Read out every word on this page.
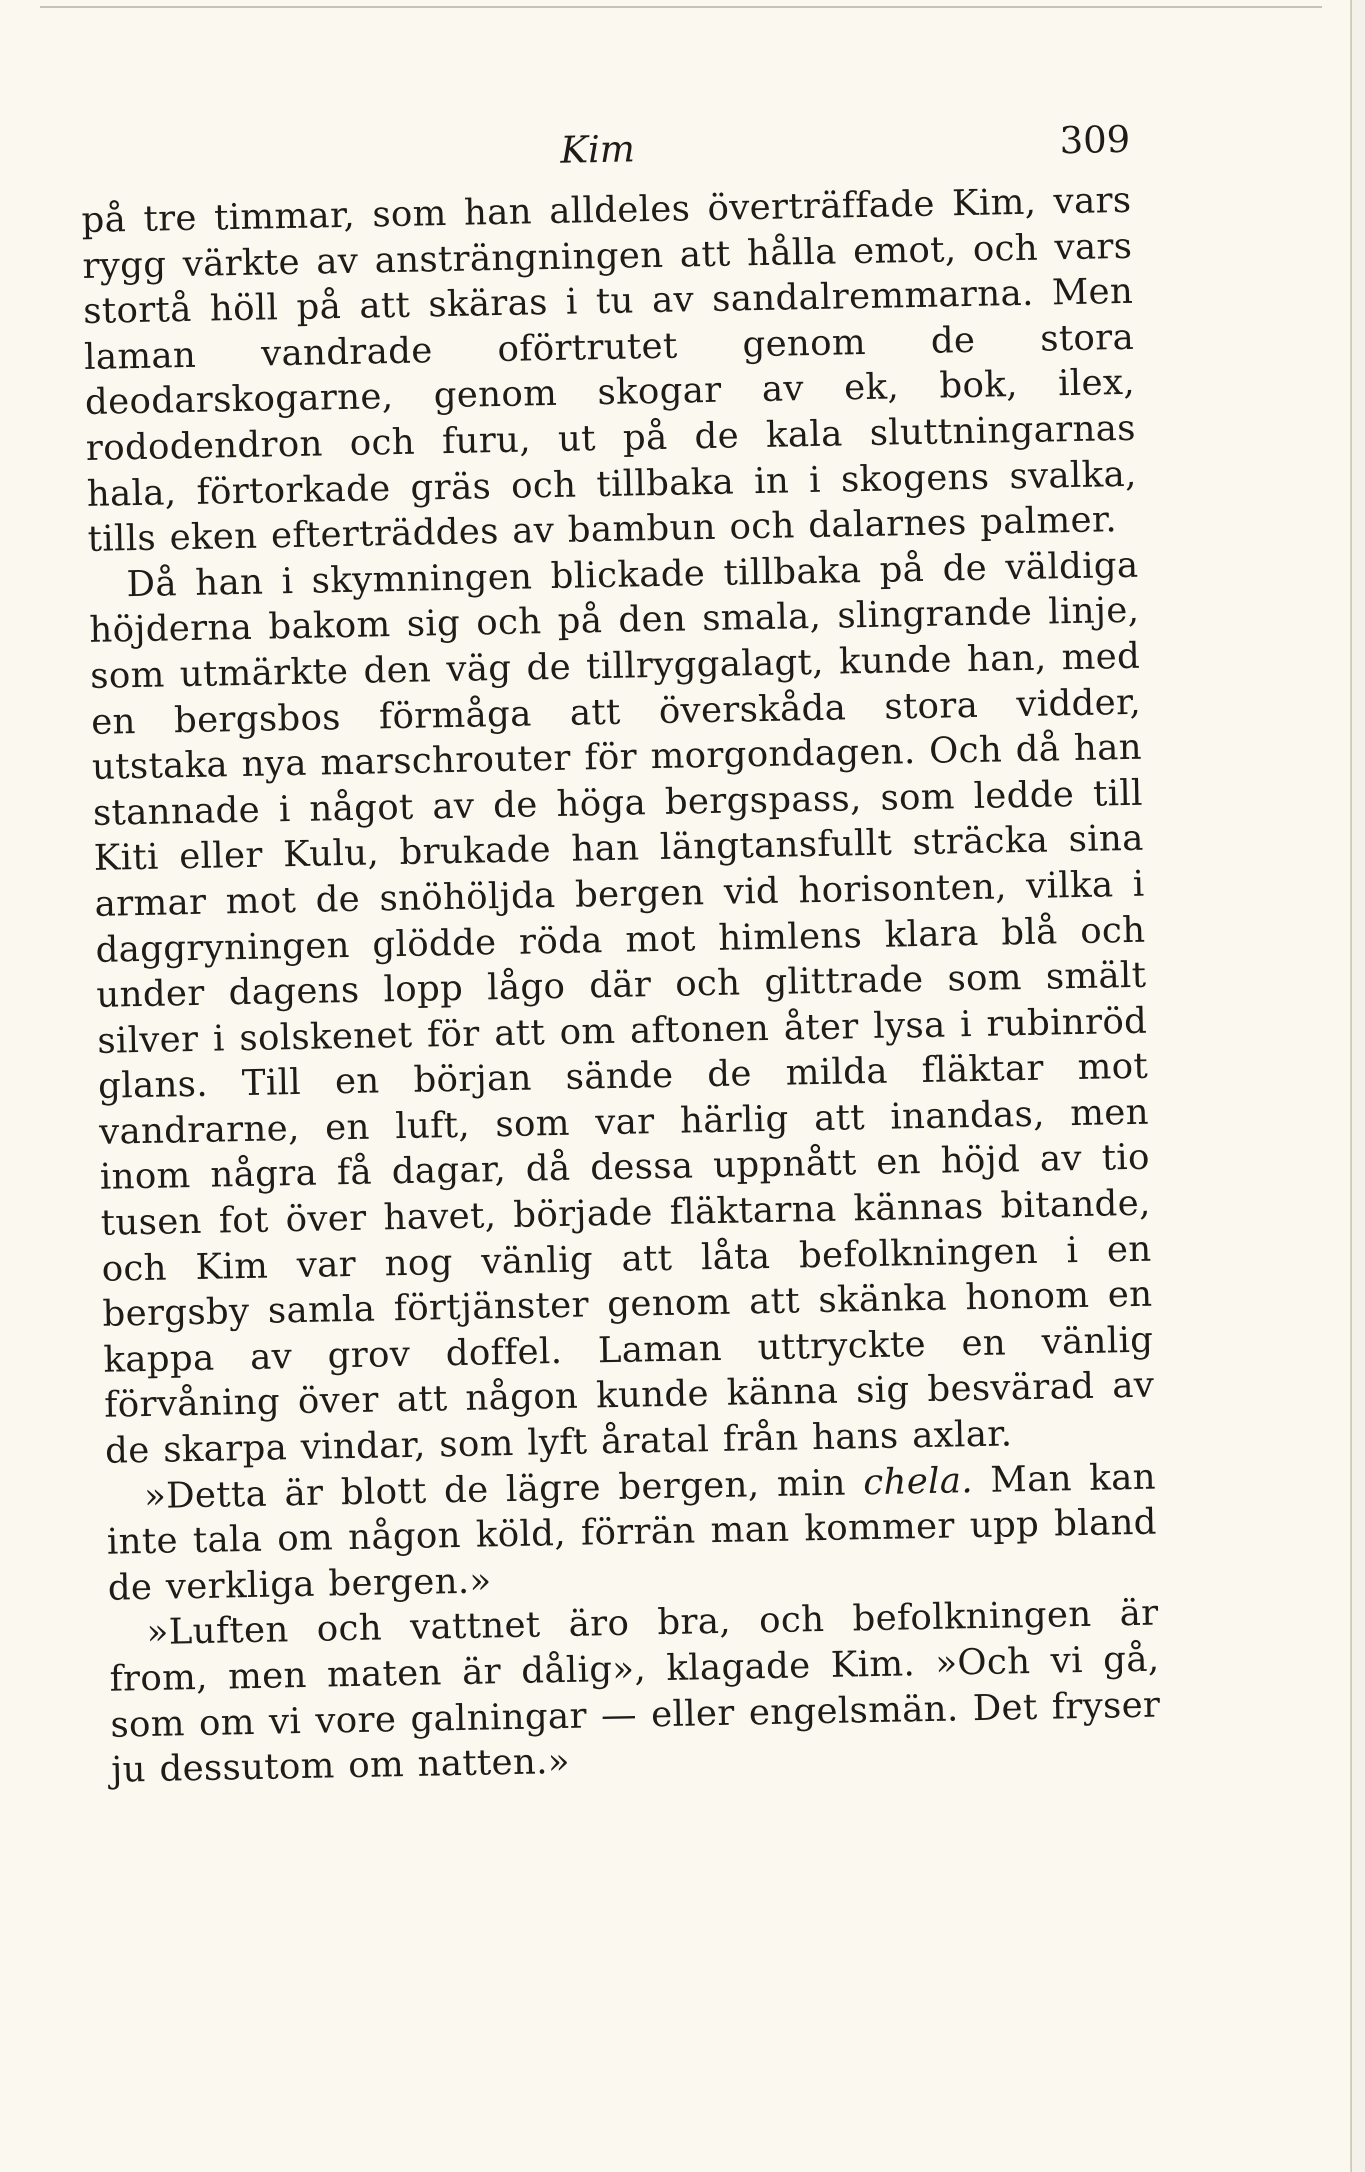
Kim	309

på tre timmar, som han alldeles överträffade Kim, vars rygg värkte av ansträngningen att hålla emot, och vars stortå höll på att skäras i tu av sandalremmarna. Men laman vandrade oförtrutet genom de stora deodarskogarne, genom skogar av ek, bok, ilex, rododendron och furu, ut på de kala sluttningarnas hala, förtorkade gräs och tillbaka in i skogens svalka, tills eken efterträddes av bambun och dalarnes palmer.

Då han i skymningen blickade tillbaka på de väldiga höjderna bakom sig och på den smala, slingrande linje, som utmärkte den väg de tillryggalagt, kunde han, med en bergsbos förmåga att överskåda stora vidder, utstaka nya marschrouter för morgondagen. Och då han stannade i något av de höga bergspass, som ledde till Kiti eller Kulu, brukade han längtansfullt sträcka sina armar mot de snöhöljda bergen vid horisonten, vilka i daggryningen glödde röda mot himlens klara blå och under dagens lopp lågo där och glittrade som smält silver i solskenet för att om aftonen åter lysa i rubinröd glans. Till en början sände de milda fläktar mot vandrarne, en luft, som var härlig att inandas, men inom några få dagar, då dessa uppnått en höjd av tio tusen fot över havet, började fläktarna kännas bitande, och Kim var nog vänlig att låta befolkningen i en bergsby samla förtjänster genom att skänka honom en kappa av grov doffel. Laman uttryckte en vänlig förvåning över att någon kunde känna sig besvärad av de skarpa vindar, som lyft åratal från hans axlar.

»Detta är blott de lägre bergen, min chela. Man kan inte tala om någon köld, förrän man kommer upp bland de verkliga bergen.»

»Luften och vattnet äro bra, och befolkningen är from, men maten är dålig», klagade Kim. »Och vi gå, som om vi vore galningar — eller engelsmän. Det fryser ju dessutom om natten.»
